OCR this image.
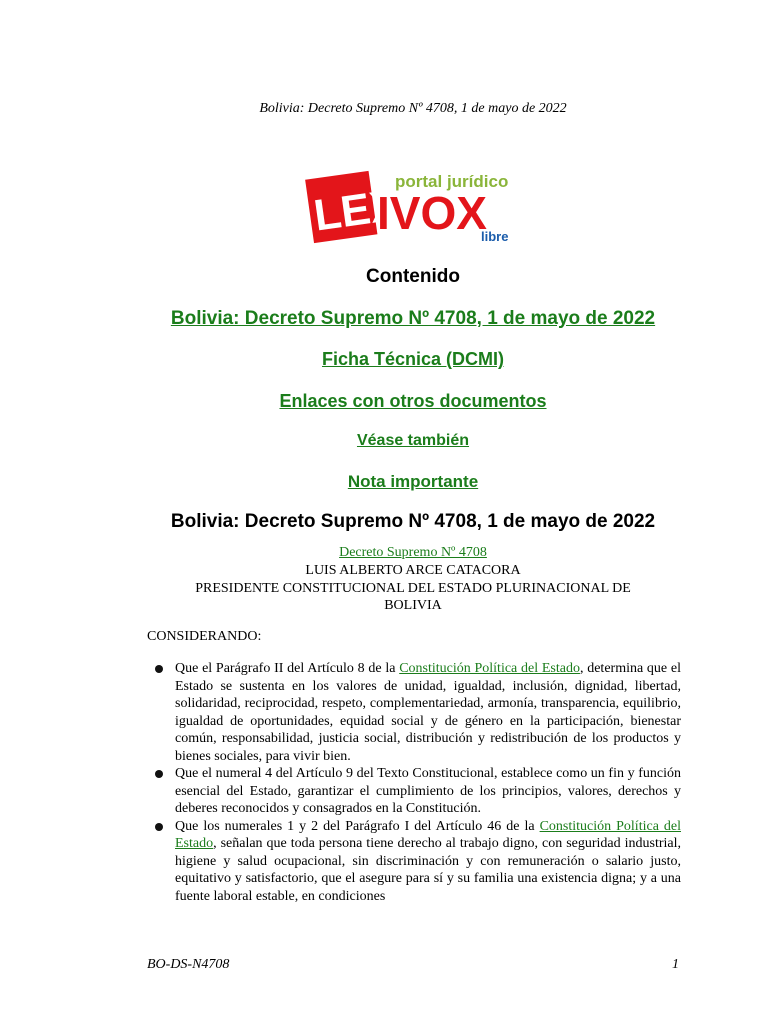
Bolivia: Decreto Supremo Nº 4708, 1 de mayo de 2022
LEX
portal jurídico
IVOX
libre
Contenido
Bolivia: Decreto Supremo Nº 4708, 1 de mayo de 2022
Ficha Técnica (DCMI)
Enlaces con otros documentos
Véase también
Nota importante
Bolivia: Decreto Supremo Nº 4708, 1 de mayo de 2022
Decreto Supremo Nº 4708
LUIS ALBERTO ARCE CATACORA
PRESIDENTE CONSTITUCIONAL DEL ESTADO PLURINACIONAL DE
BOLIVIA
CONSIDERANDO:
Que el Parágrafo II del Artículo 8 de la Constitución Política del Estado, determina que el Estado se sustenta en los valores de unidad, igualdad, inclusión, dignidad, libertad, solidaridad, reciprocidad, respeto, complementariedad, armonía, transparencia, equilibrio, igualdad de oportunidades, equidad social y de género en la participación, bienestar común, responsabilidad, justicia social, distribución y redistribución de los productos y bienes sociales, para vivir bien.
Que el numeral 4 del Artículo 9 del Texto Constitucional, establece como un fin y función esencial del Estado, garantizar el cumplimiento de los principios, valores, derechos y deberes reconocidos y consagrados en la Constitución.
Que los numerales 1 y 2 del Parágrafo I del Artículo 46 de la Constitución Política del Estado, señalan que toda persona tiene derecho al trabajo digno, con seguridad industrial, higiene y salud ocupacional, sin discriminación y con remuneración o salario justo, equitativo y satisfactorio, que el asegure para sí y su familia una existencia digna; y a una fuente laboral estable, en condiciones
BO-DS-N4708	1
